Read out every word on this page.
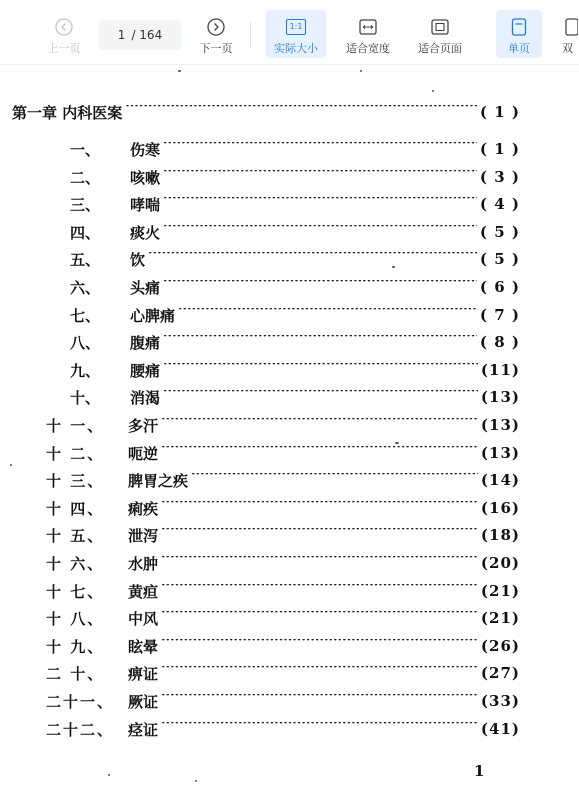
上一页
1 / 164
下一页
1:1
实际大小	适合宽度	适合页面	单页	双
第一章 内科医案 ·····	( 1 )
一、	伤寒 ·····	( 1 )
二、	咳嗽 ·····	( 3 )
三、	哮喘 ·····	( 4 )
四、	痰火 ·····	( 5 )
五、	饮 ·····	( 5 )
六、	头痛 ·····	( 6 )
七、	心脾痛 ·····	( 7 )
八、	腹痛 ·····	( 8 )
九、	腰痛 ·····	(11)
十、	消渴 ·····	(13)
十 一、	多汗 ·····	(13)
十 二、	呃逆 ·····	(13)
十 三、	脾胃之疾 ·····	(14)
十 四、	痢疾 ·····	(16)
十 五、	泄泻 ·····	(18)
十 六、	水肿 ·····	(20)
十 七、	黄疸 ·····	(21)
十 八、	中风 ·····	(21)
十 九、	眩晕 ·····	(26)
二 十、	痹证 ·····	(27)
二十一、 厥证 ·····	(33)
二十二、 痉证 ·····	(41)
1
